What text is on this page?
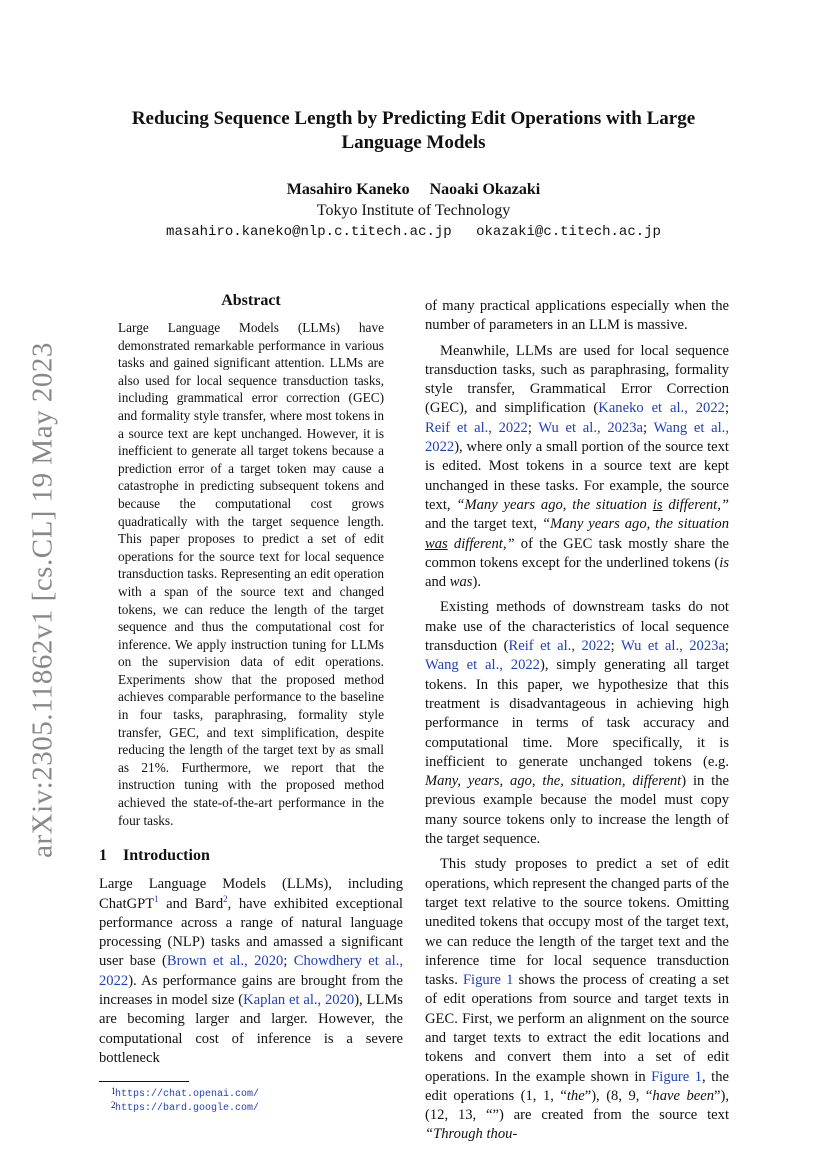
arXiv:2305.11862v1 [cs.CL] 19 May 2023
Reducing Sequence Length by Predicting Edit Operations with Large Language Models
Masahiro Kaneko Naoaki Okazaki
Tokyo Institute of Technology
masahiro.kaneko@nlp.c.titech.ac.jp okazaki@c.titech.ac.jp
Abstract

Large Language Models (LLMs) have demonstrated remarkable performance in various tasks and gained significant attention. LLMs are also used for local sequence transduction tasks, including grammatical error correction (GEC) and formality style transfer, where most tokens in a source text are kept unchanged. However, it is inefficient to generate all target tokens because a prediction error of a target token may cause a catastrophe in predicting subsequent tokens and because the computational cost grows quadratically with the target sequence length. This paper proposes to predict a set of edit operations for the source text for local sequence transduction tasks. Representing an edit operation with a span of the source text and changed tokens, we can reduce the length of the target sequence and thus the computational cost for inference. We apply instruction tuning for LLMs on the supervision data of edit operations. Experiments show that the proposed method achieves comparable performance to the baseline in four tasks, paraphrasing, formality style transfer, GEC, and text simplification, despite reducing the length of the target text by as small as 21%. Furthermore, we report that the instruction tuning with the proposed method achieved the state-of-the-art performance in the four tasks.

1 Introduction

Large Language Models (LLMs), including ChatGPT$^1$ and Bard$^2$, have exhibited exceptional performance across a range of natural language processing (NLP) tasks and amassed a significant user base (Brown et al., 2020; Chowdhery et al., 2022). As performance gains are brought from the increases in model size (Kaplan et al., 2020), LLMs are becoming larger and larger. However, the computational cost of inference is a severe bottleneck

1 https://chat.openai.com/
2 https://bard.google.com/

of many practical applications especially when the number of parameters in an LLM is massive.

Meanwhile, LLMs are used for local sequence transduction tasks, such as paraphrasing, formality style transfer, Grammatical Error Correction (GEC), and simplification (Kaneko et al., 2022; Reif et al., 2022; Wu et al., 2023a; Wang et al., 2022), where only a small portion of the source text is edited. Most tokens in a source text are kept unchanged in these tasks. For example, the source text, “Many years ago, the situation is different,” and the target text, “Many years ago, the situation was different,” of the GEC task mostly share the common tokens except for the underlined tokens (is and was).

Existing methods of downstream tasks do not make use of the characteristics of local sequence transduction (Reif et al., 2022; Wu et al., 2023a; Wang et al., 2022), simply generating all target tokens. In this paper, we hypothesize that this treatment is disadvantageous in achieving high performance in terms of task accuracy and computational time. More specifically, it is inefficient to generate unchanged tokens (e.g. Many, years, ago, the, situation, different) in the previous example because the model must copy many source tokens only to increase the length of the target sequence.

This study proposes to predict a set of edit operations, which represent the changed parts of the target text relative to the source tokens. Omitting unedited tokens that occupy most of the target text, we can reduce the length of the target text and the inference time for local sequence transduction tasks. Figure 1 shows the process of creating a set of edit operations from source and target texts in GEC. First, we perform an alignment on the source and target texts to extract the edit locations and tokens and convert them into a set of edit operations. In the example shown in Figure 1, the edit operations (1, 1, “the”), (8, 9, “have been”), (12, 13, “”) are created from the source text “Through thou-
